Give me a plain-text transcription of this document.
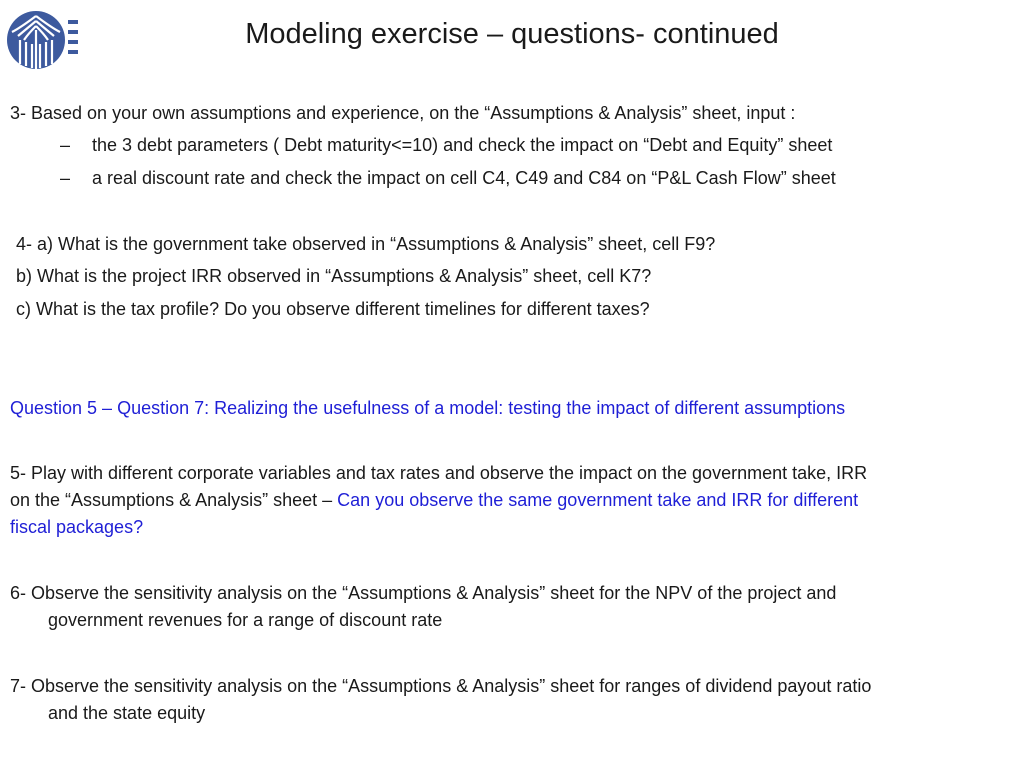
Modeling exercise – questions- continued
3- Based on your own assumptions and experience, on the “Assumptions & Analysis” sheet, input :
– the 3 debt parameters ( Debt maturity<=10) and check the impact on “Debt and Equity” sheet
– a real discount rate and check the impact on cell C4, C49 and C84 on “P&L Cash Flow” sheet
4- a) What is the government take observed in “Assumptions & Analysis” sheet, cell F9?
b) What is the project IRR observed in “Assumptions & Analysis” sheet, cell K7?
c) What is the tax profile? Do you observe different timelines for different taxes?
Question 5 – Question 7: Realizing the usefulness of a model: testing the impact of different assumptions
5- Play with different corporate variables and tax rates and observe the impact on the government take, IRR
on the “Assumptions & Analysis” sheet – Can you observe the same government take and IRR for different
fiscal packages?
6- Observe the sensitivity analysis on the “Assumptions & Analysis” sheet for the NPV of the project and
government revenues for a range of discount rate
7- Observe the sensitivity analysis on the “Assumptions & Analysis” sheet for ranges of dividend payout ratio
and the state equity
